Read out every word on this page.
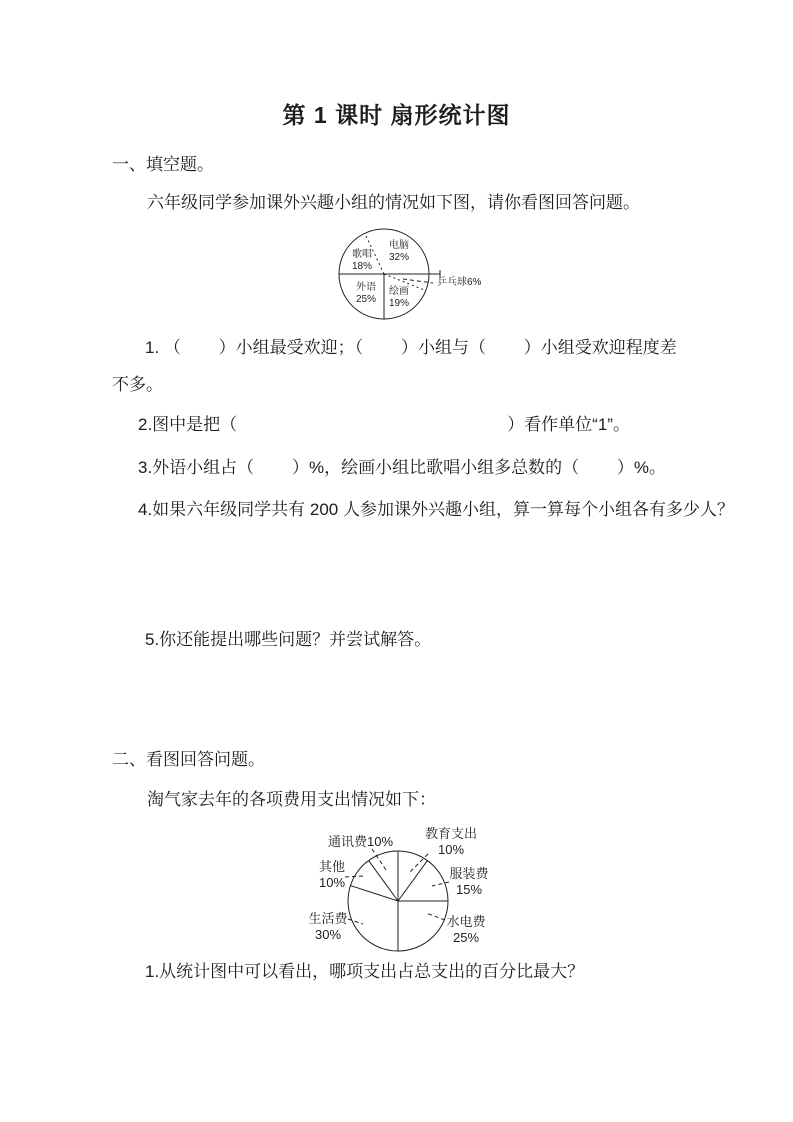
第 1 课时 扇形统计图
一、填空题。
六年级同学参加课外兴趣小组的情况如下图，请你看图回答问题。
电脑
32%
乒乓球6%
绘画
19%
外语
25%
歌唱
18%
1. （        ）小组最受欢迎；（        ）小组与（        ）小组受欢迎程度差
不多。
2.图中是把（	）看作单位“1”。
3.外语小组占（        ）%，绘画小组比歌唱小组多总数的（        ）%。
4.如果六年级同学共有 200 人参加课外兴趣小组，算一算每个小组各有多少人？
5.你还能提出哪些问题？并尝试解答。
二、看图回答问题。
淘气家去年的各项费用支出情况如下：
教育支出
10%
服装费
15%
水电费
25%
生活费
30%
其他
10%
通讯费10%
1.从统计图中可以看出，哪项支出占总支出的百分比最大？
